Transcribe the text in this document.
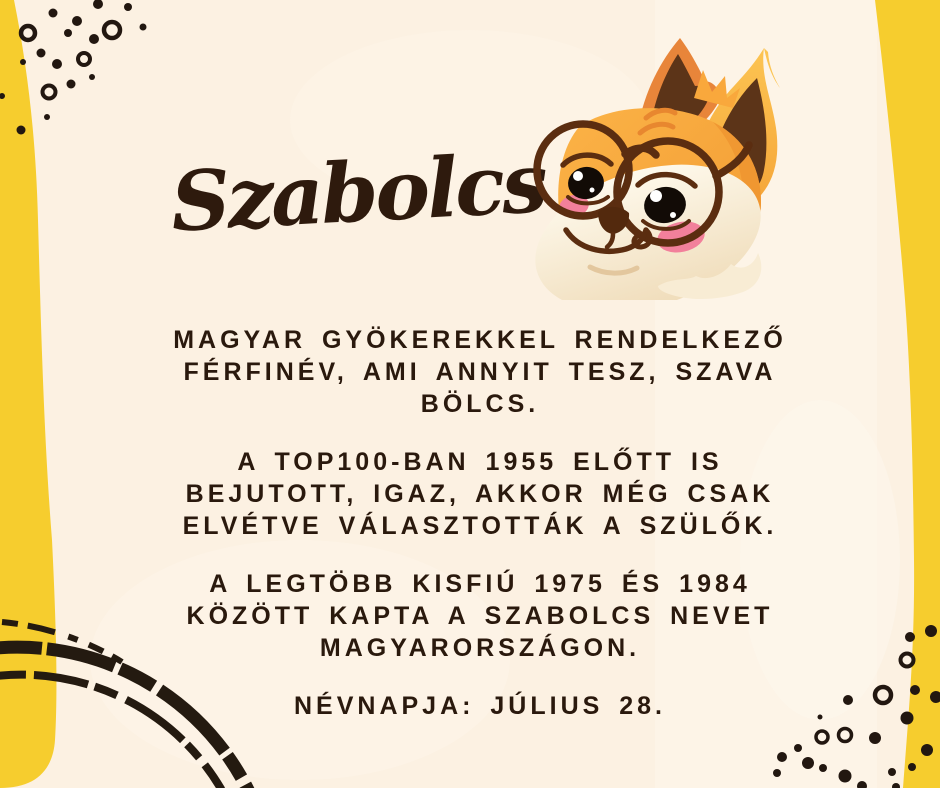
Szabolcs
MAGYAR GYÖKEREKKEL RENDELKEZŐ
FÉRFINÉV, AMI ANNYIT TESZ, SZAVA
BÖLCS.
A TOP100-BAN 1955 ELŐTT IS
BEJUTOTT, IGAZ, AKKOR MÉG CSAK
ELVÉTVE VÁLASZTOTTÁK A SZÜLŐK.
A LEGTÖBB KISFIÚ 1975 ÉS 1984
KÖZÖTT KAPTA A SZABOLCS NEVET
MAGYARORSZÁGON.
NÉVNAPJA: JÚLIUS 28.
